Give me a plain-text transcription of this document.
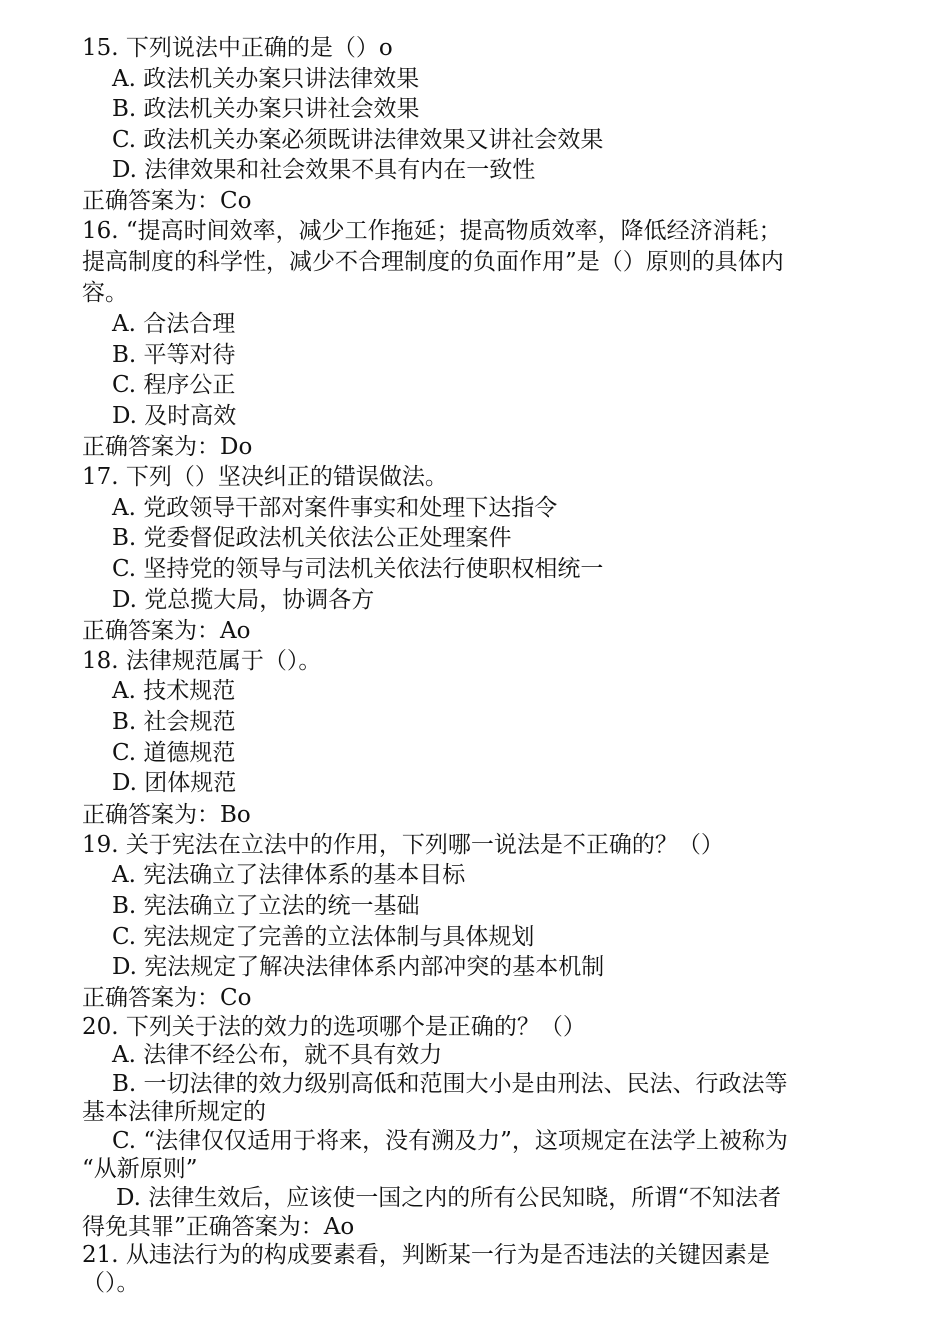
15. 下列说法中正确的是（）o
A. 政法机关办案只讲法律效果
B. 政法机关办案只讲社会效果
C. 政法机关办案必须既讲法律效果又讲社会效果
D. 法律效果和社会效果不具有内在一致性
正确答案为：Co
16. “提高时间效率，减少工作拖延；提高物质效率，降低经济消耗；
提高制度的科学性，减少不合理制度的负面作用”是（）原则的具体内
容。
A. 合法合理
B. 平等对待
C. 程序公正
D. 及时高效
正确答案为：Do
17. 下列（）坚决纠正的错误做法。
A. 党政领导干部对案件事实和处理下达指令
B. 党委督促政法机关依法公正处理案件
C. 坚持党的领导与司法机关依法行使职权相统一
D. 党总揽大局，协调各方
正确答案为：Ao
18. 法律规范属于（）。
A. 技术规范
B. 社会规范
C. 道德规范
D. 团体规范
正确答案为：Bo
19. 关于宪法在立法中的作用，下列哪一说法是不正确的？（）
A. 宪法确立了法律体系的基本目标
B. 宪法确立了立法的统一基础
C. 宪法规定了完善的立法体制与具体规划
D. 宪法规定了解决法律体系内部冲突的基本机制
正确答案为：Co
20. 下列关于法的效力的选项哪个是正确的？（）
A. 法律不经公布，就不具有效力
B. 一切法律的效力级别高低和范围大小是由刑法、民法、行政法等
基本法律所规定的
C. “法律仅仅适用于将来，没有溯及力”，这项规定在法学上被称为
“从新原则”
D. 法律生效后，应该使一国之内的所有公民知晓，所谓“不知法者
得免其罪”正确答案为：Ao
21. 从违法行为的构成要素看，判断某一行为是否违法的关键因素是
（）。
